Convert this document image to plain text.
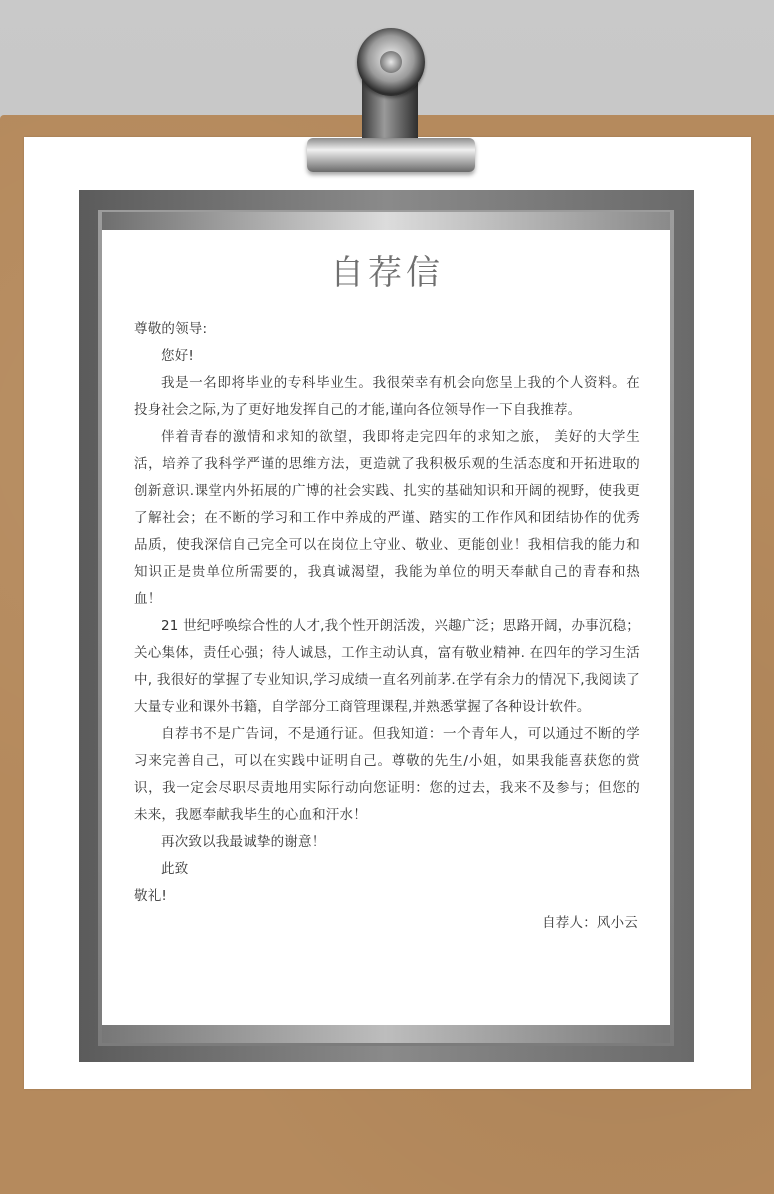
自荐信

尊敬的领导:

您好!

我是一名即将毕业的专科毕业生。我很荣幸有机会向您呈上我的个人资料。在投身社会之际,为了更好地发挥自己的才能,谨向各位领导作一下自我推荐。

伴着青春的激情和求知的欲望，我即将走完四年的求知之旅， 美好的大学生活，培养了我科学严谨的思维方法，更造就了我积极乐观的生活态度和开拓进取的创新意识.课堂内外拓展的广博的社会实践、扎实的基础知识和开阔的视野，使我更了解社会；在不断的学习和工作中养成的严谨、踏实的工作作风和团结协作的优秀品质，使我深信自己完全可以在岗位上守业、敬业、更能创业！我相信我的能力和知识正是贵单位所需要的，我真诚渴望，我能为单位的明天奉献自己的青春和热血！

21 世纪呼唤综合性的人才,我个性开朗活泼，兴趣广泛；思路开阔，办事沉稳；关心集体，责任心强；待人诚恳，工作主动认真，富有敬业精神. 在四年的学习生活中, 我很好的掌握了专业知识,学习成绩一直名列前茅.在学有余力的情况下,我阅读了大量专业和课外书籍，自学部分工商管理课程,并熟悉掌握了各种设计软件。

自荐书不是广告词，不是通行证。但我知道：一个青年人，可以通过不断的学习来完善自己，可以在实践中证明自己。尊敬的先生/小姐，如果我能喜获您的赏识，我一定会尽职尽责地用实际行动向您证明：您的过去，我来不及参与；但您的未来，我愿奉献我毕生的心血和汗水！

再次致以我最诚挚的谢意！

此致

敬礼!

自荐人：风小云
